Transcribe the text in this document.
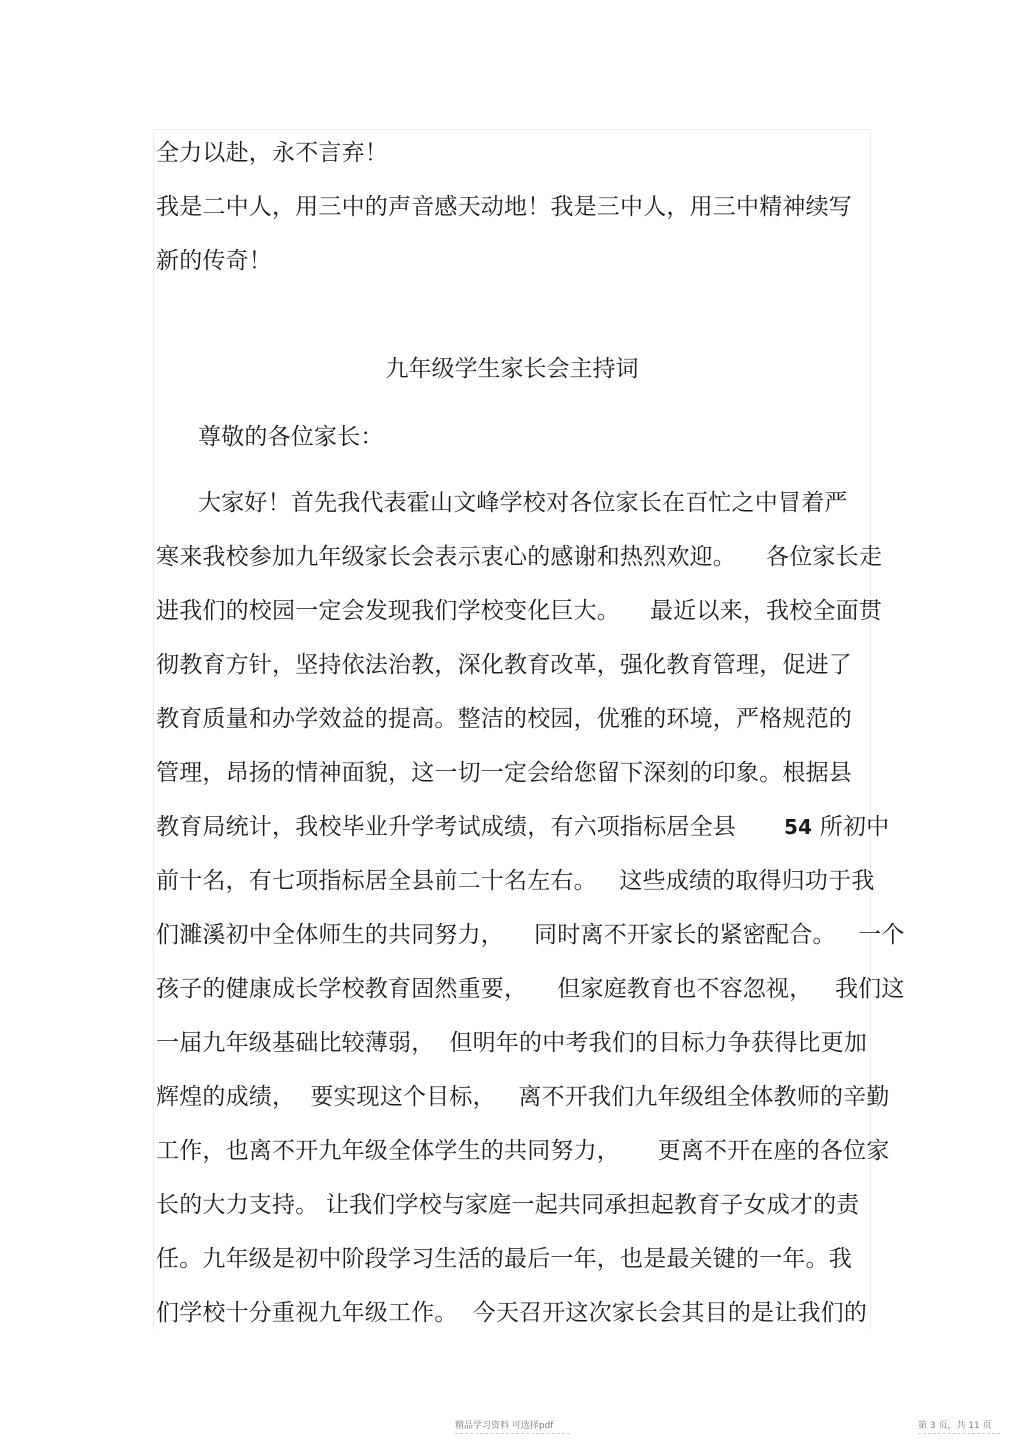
全力以赴，永不言弃！
我是二中人，用三中的声音感天动地！我是三中人，用三中精神续写
新的传奇！
九年级学生家长会主持词
尊敬的各位家长：
大家好！首先我代表霍山文峰学校对各位家长在百忙之中冒着严
寒来我校参加九年级家长会表示衷心的感谢和热烈欢迎。    各位家长走
进我们的校园一定会发现我们学校变化巨大。    最近以来，我校全面贯
彻教育方针，坚持依法治教，深化教育改革，强化教育管理，促进了
教育质量和办学效益的提高。整洁的校园，优雅的环境，严格规范的
管理，昂扬的情神面貌，这一切一定会给您留下深刻的印象。根据县
教育局统计，我校毕业升学考试成绩，有六项指标居全县 54 所初中
前十名，有七项指标居全县前二十名左右。   这些成绩的取得归功于我
们濉溪初中全体师生的共同努力，    同时离不开家长的紧密配合。   一个
孩子的健康成长学校教育固然重要，    但家庭教育也不容忽视，   我们这
一届九年级基础比较薄弱，  但明年的中考我们的目标力争获得比更加
辉煌的成绩，  要实现这个目标，   离不开我们九年级组全体教师的辛勤
工作，也离不开九年级全体学生的共同努力，     更离不开在座的各位家
长的大力支持。 让我们学校与家庭一起共同承担起教育子女成才的责
任。九年级是初中阶段学习生活的最后一年，也是最关键的一年。我
们学校十分重视九年级工作。  今天召开这次家长会其目的是让我们的
精品学习资料 可选择pdf	第 3 页，共 11 页
